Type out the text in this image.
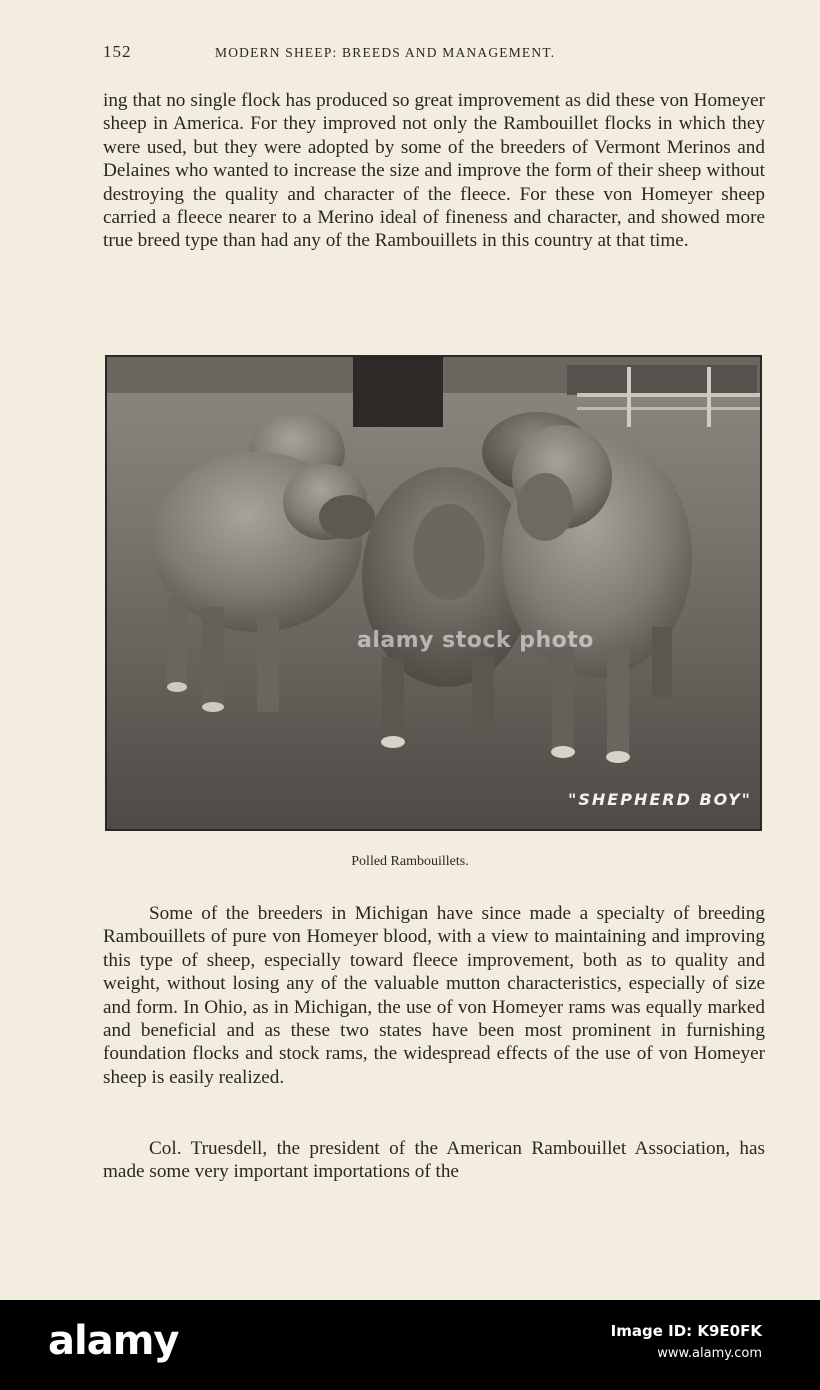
152	MODERN SHEEP: BREEDS AND MANAGEMENT.

ing that no single flock has produced so great improvement as did these von Homeyer sheep in America. For they improved not only the Rambouillet flocks in which they were used, but they were adopted by some of the breeders of Vermont Merinos and Delaines who wanted to increase the size and improve the form of their sheep without destroying the quality and character of the fleece. For these von Homeyer sheep carried a fleece nearer to a Merino ideal of fineness and character, and showed more true breed type than had any of the Rambouillets in this country at that time.

"SHEPHERD BOY"
alamy stock photo
Polled Rambouillets.

Some of the breeders in Michigan have since made a specialty of breeding Rambouillets of pure von Homeyer blood, with a view to maintaining and improving this type of sheep, especially toward fleece improvement, both as to quality and weight, without losing any of the valuable mutton characteristics, especially of size and form. In Ohio, as in Michigan, the use of von Homeyer rams was equally marked and beneficial and as these two states have been most prominent in furnishing foundation flocks and stock rams, the widespread effects of the use of von Homeyer sheep is easily realized.

Col. Truesdell, the president of the American Rambouillet Association, has made some very important importations of the

alamy	Image ID: K9E0FK
www.alamy.com
